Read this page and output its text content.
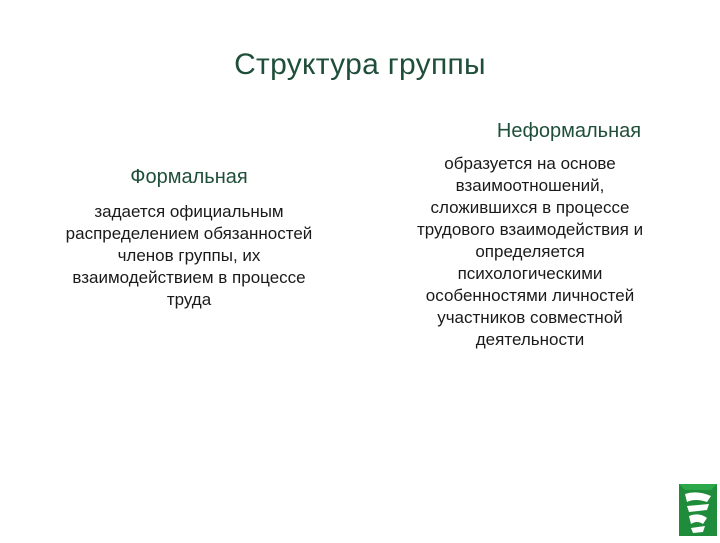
Структура группы
Формальная

задается официальным
распределением обязанностей
членов группы, их
взаимодействием в процессе
труда

Неформальная

образуется на основе
взаимоотношений,
сложившихся в процессе
трудового взаимодействия и
определяется
психологическими
особенностями личностей
участников совместной
деятельности
